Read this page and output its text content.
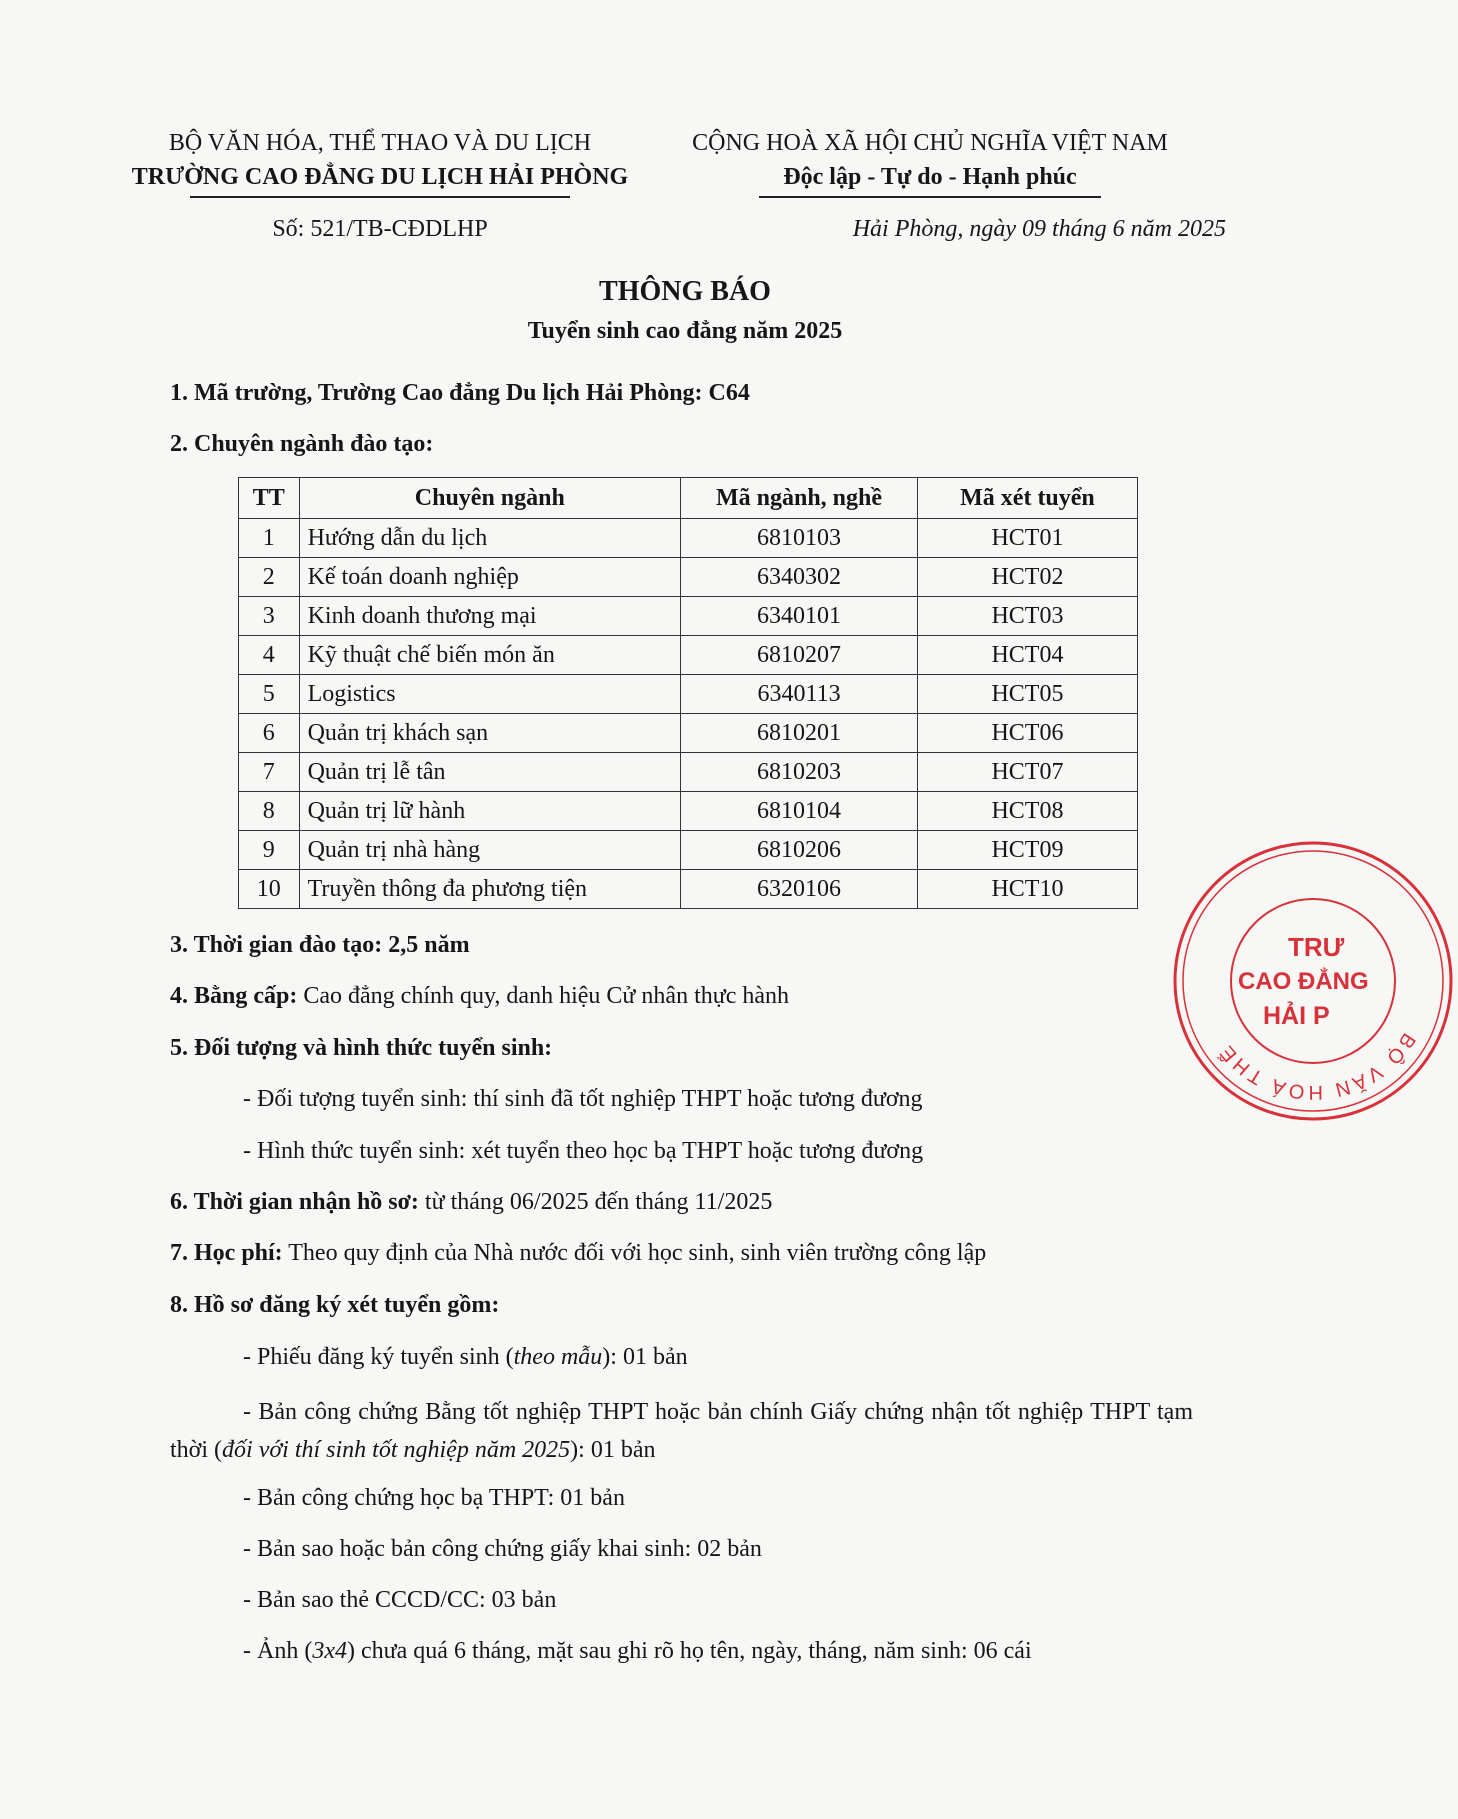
BỘ VĂN HÓA, THỂ THAO VÀ DU LỊCH
TRƯỜNG CAO ĐẲNG DU LỊCH HẢI PHÒNG
Số: 521/TB-CĐDLHP
CỘNG HOÀ XÃ HỘI CHỦ NGHĨA VIỆT NAM
Độc lập - Tự do - Hạnh phúc
Hải Phòng, ngày 09 tháng 6 năm 2025
THÔNG BÁO
Tuyển sinh cao đẳng năm 2025
1. Mã trường, Trường Cao đẳng Du lịch Hải Phòng: C64
2. Chuyên ngành đào tạo:
TT	Chuyên ngành	Mã ngành, nghề	Mã xét tuyển
1	Hướng dẫn du lịch	6810103	HCT01
2	Kế toán doanh nghiệp	6340302	HCT02
3	Kinh doanh thương mại	6340101	HCT03
4	Kỹ thuật chế biến món ăn	6810207	HCT04
5	Logistics	6340113	HCT05
6	Quản trị khách sạn	6810201	HCT06
7	Quản trị lễ tân	6810203	HCT07
8	Quản trị lữ hành	6810104	HCT08
9	Quản trị nhà hàng	6810206	HCT09
10	Truyền thông đa phương tiện	6320106	HCT10
3. Thời gian đào tạo: 2,5 năm
4. Bằng cấp: Cao đẳng chính quy, danh hiệu Cử nhân thực hành
5. Đối tượng và hình thức tuyển sinh:
- Đối tượng tuyển sinh: thí sinh đã tốt nghiệp THPT hoặc tương đương
- Hình thức tuyển sinh: xét tuyển theo học bạ THPT hoặc tương đương
6. Thời gian nhận hồ sơ: từ tháng 06/2025 đến tháng 11/2025
7. Học phí: Theo quy định của Nhà nước đối với học sinh, sinh viên trường công lập
8. Hồ sơ đăng ký xét tuyển gồm:
- Phiếu đăng ký tuyển sinh (theo mẫu): 01 bản
- Bản công chứng Bằng tốt nghiệp THPT hoặc bản chính Giấy chứng nhận tốt nghiệp THPT tạm thời (đối với thí sinh tốt nghiệp năm 2025): 01 bản
- Bản công chứng học bạ THPT: 01 bản
- Bản sao hoặc bản công chứng giấy khai sinh: 02 bản
- Bản sao thẻ CCCD/CC: 03 bản
- Ảnh (3x4) chưa quá 6 tháng, mặt sau ghi rõ họ tên, ngày, tháng, năm sinh: 06 cái
BỘ VĂN HOÁ THỂ
TRƯ
CAO ĐẲNG
HẢI P
